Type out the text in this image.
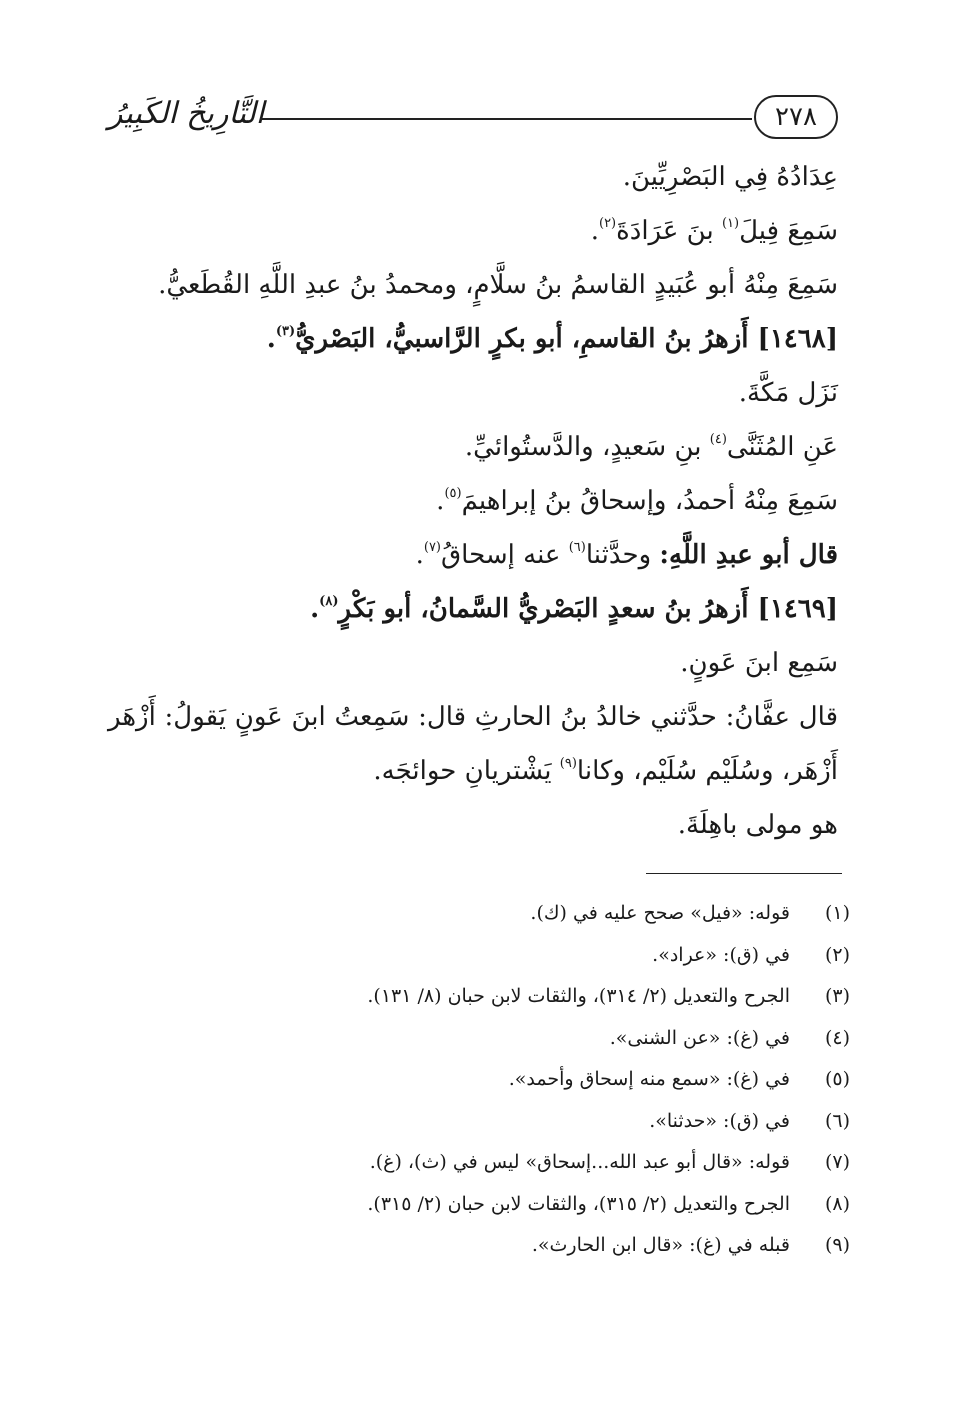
التَّارِيخُ الكَبِيرُ	٢٧٨
عِدَادُهُ فِي البَصْرِيِّينَ.
سَمِعَ فِيلَ$^{(١)}$ بنَ عَرَادَةَ$^{(٢)}$.
سَمِعَ مِنْهُ أبو عُبَيدٍ القاسمُ بنُ سلَّامٍ، ومحمدُ بنُ عبدِ اللَّهِ القُطَعيُّ.
[١٤٦٨] أَزهرُ بنُ القاسمِ، أبو بكرٍ الرَّاسبيُّ، البَصْريُّ$^{(٣)}$.
نَزَل مَكَّةَ.
عَنِ المُثَنَّى$^{(٤)}$ بنِ سَعيدٍ، والدَّستُوائيِّ.
سَمِعَ مِنْهُ أحمدُ، وإسحاقُ بنُ إبراهيمَ$^{(٥)}$.
قال أبو عبدِ اللَّهِ: وحدَّثنا$^{(٦)}$ عنه إسحاقُ$^{(٧)}$.
[١٤٦٩] أَزهرُ بنُ سعدٍ البَصْريُّ السَّمانُ، أبو بَكْرٍ$^{(٨)}$.
سَمِع ابنَ عَونٍ.
قال عفَّانُ: حدَّثني خالدُ بنُ الحارثِ قال: سَمِعتُ ابنَ عَونٍ يَقولُ: أَزْهَر
أَزْهَر، وسُلَيْم سُلَيْم، وكانا$^{(٩)}$ يَشْتريانِ حوائجَه.
هو مولى باهِلَةَ.
(١)قوله: «فيل» صحح عليه في (ك).
(٢)في (ق): «عراد».
(٣)الجرح والتعديل (٢/ ٣١٤)، والثقات لابن حبان (٨/ ١٣١).
(٤)في (غ): «عن الشنى».
(٥)في (غ): «سمع منه إسحاق وأحمد».
(٦)في (ق): «حدثنا».
(٧)قوله: «قال أبو عبد الله...إسحاق» ليس في (ث)، (غ).
(٨)الجرح والتعديل (٢/ ٣١٥)، والثقات لابن حبان (٢/ ٣١٥).
(٩)قبله في (غ): «قال ابن الحارث».
